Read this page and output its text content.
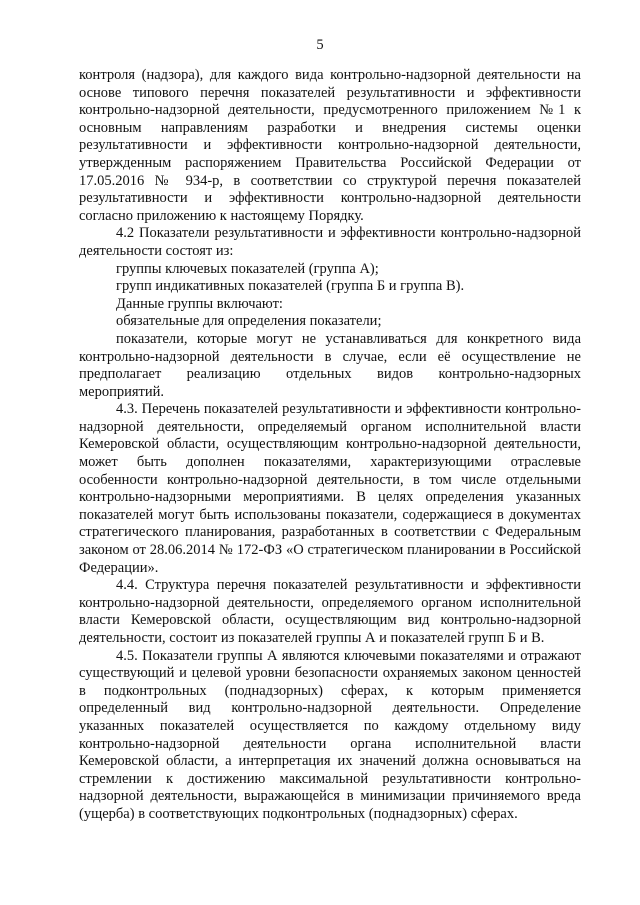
5

контроля (надзора), для каждого вида контрольно-надзорной деятельности на основе типового перечня показателей результативности и эффективности контрольно-надзорной деятельности, предусмотренного приложением №1 к основным направлениям разработки и внедрения системы оценки результативности и эффективности контрольно-надзорной деятельности, утвержденным распоряжением Правительства Российской Федерации от 17.05.2016 № 934-р, в соответствии со структурой перечня показателей результативности и эффективности контрольно-надзорной деятельности согласно приложению к настоящему Порядку.

4.2 Показатели результативности и эффективности контрольно-надзорной деятельности состоят из:

группы ключевых показателей (группа А);

групп индикативных показателей (группа Б и группа В).

Данные группы включают:

обязательные для определения показатели;

показатели, которые могут не устанавливаться для конкретного вида контрольно-надзорной деятельности в случае, если её осуществление не предполагает реализацию отдельных видов контрольно-надзорных мероприятий.

4.3. Перечень показателей результативности и эффективности контрольно-надзорной деятельности, определяемый органом исполнительной власти Кемеровской области, осуществляющим контрольно-надзорной деятельности, может быть дополнен показателями, характеризующими отраслевые особенности контрольно-надзорной деятельности, в том числе отдельными контрольно-надзорными мероприятиями. В целях определения указанных показателей могут быть использованы показатели, содержащиеся в документах стратегического планирования, разработанных в соответствии с Федеральным законом от 28.06.2014 № 172-ФЗ «О стратегическом планировании в Российской Федерации».

4.4. Структура перечня показателей результативности и эффективности контрольно-надзорной деятельности, определяемого органом исполнительной власти Кемеровской области, осуществляющим вид контрольно-надзорной деятельности, состоит из показателей группы А и показателей групп Б и В.

4.5. Показатели группы А являются ключевыми показателями и отражают существующий и целевой уровни безопасности охраняемых законом ценностей в подконтрольных (поднадзорных) сферах, к которым применяется определенный вид контрольно-надзорной деятельности. Определение указанных показателей осуществляется по каждому отдельному виду контрольно-надзорной деятельности органа исполнительной власти Кемеровской области, а интерпретация их значений должна основываться на стремлении к достижению максимальной результативности контрольно-надзорной деятельности, выражающейся в минимизации причиняемого вреда (ущерба) в соответствующих подконтрольных (поднадзорных) сферах.
